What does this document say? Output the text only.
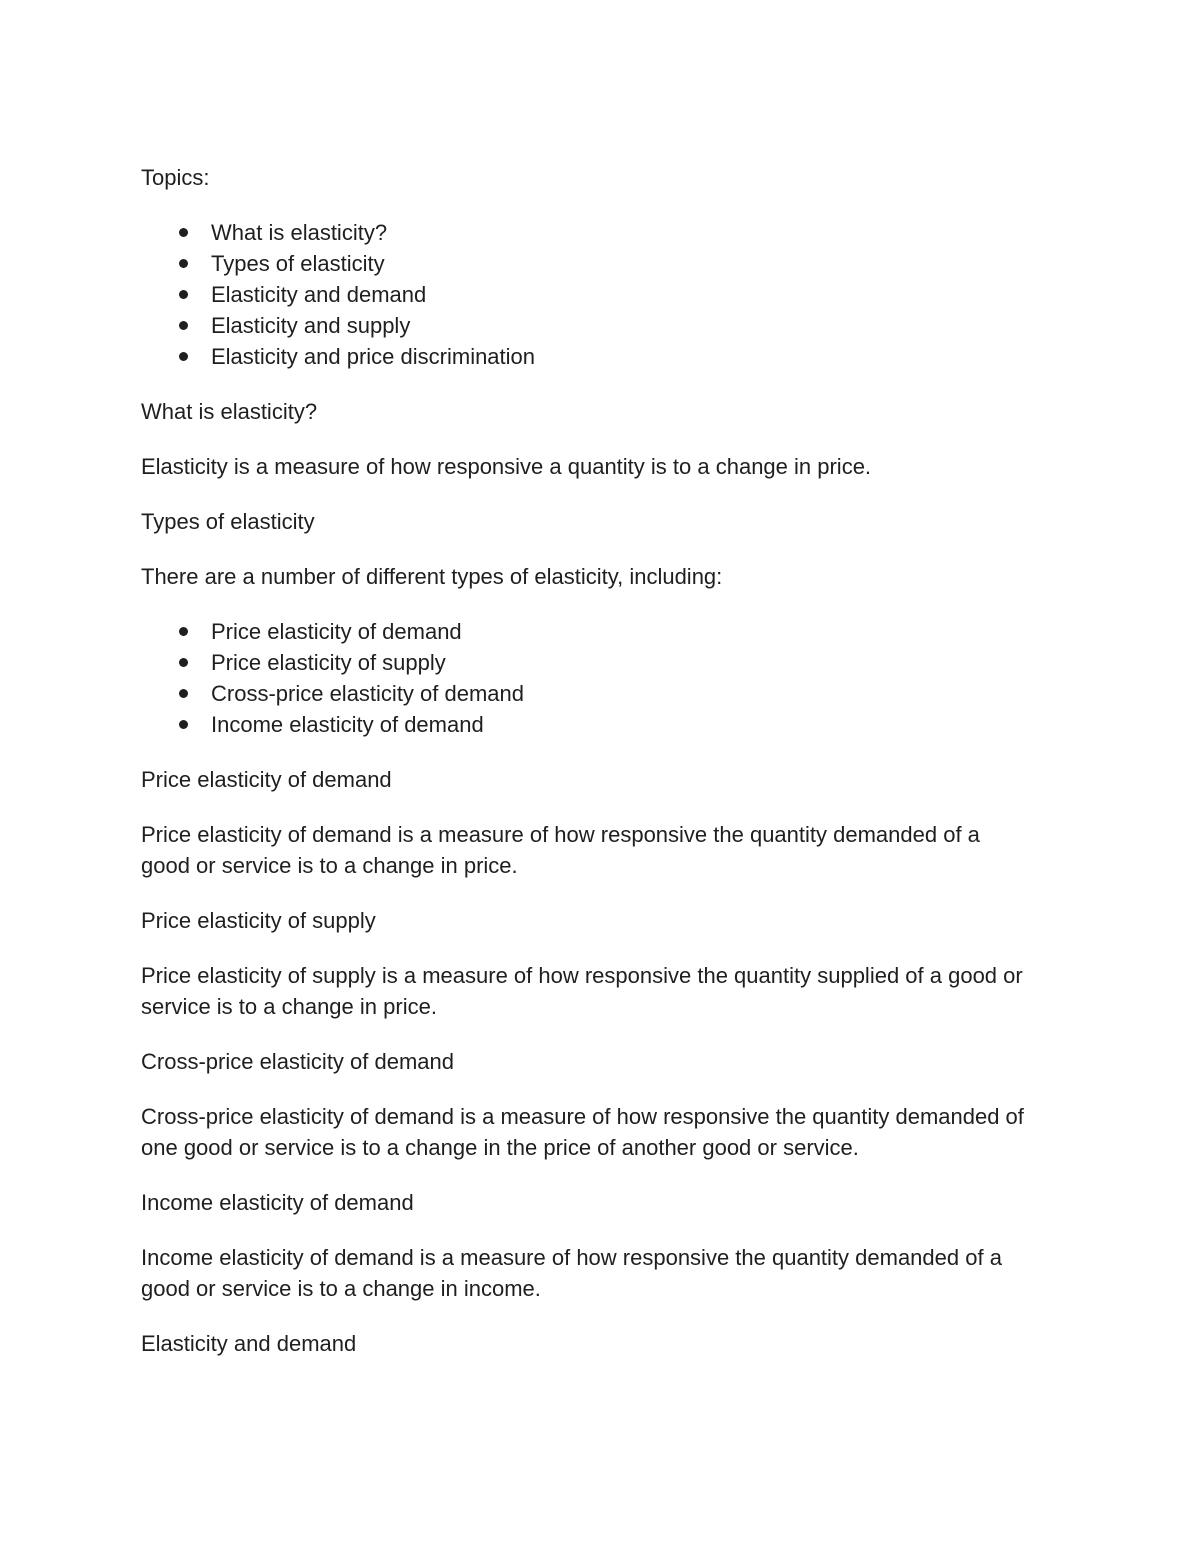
Topics:

What is elasticity?
Types of elasticity
Elasticity and demand
Elasticity and supply
Elasticity and price discrimination

What is elasticity?

Elasticity is a measure of how responsive a quantity is to a change in price.

Types of elasticity

There are a number of different types of elasticity, including:

Price elasticity of demand
Price elasticity of supply
Cross-price elasticity of demand
Income elasticity of demand

Price elasticity of demand

Price elasticity of demand is a measure of how responsive the quantity demanded of a good or service is to a change in price.

Price elasticity of supply

Price elasticity of supply is a measure of how responsive the quantity supplied of a good or service is to a change in price.

Cross-price elasticity of demand

Cross-price elasticity of demand is a measure of how responsive the quantity demanded of one good or service is to a change in the price of another good or service.

Income elasticity of demand

Income elasticity of demand is a measure of how responsive the quantity demanded of a good or service is to a change in income.

Elasticity and demand
